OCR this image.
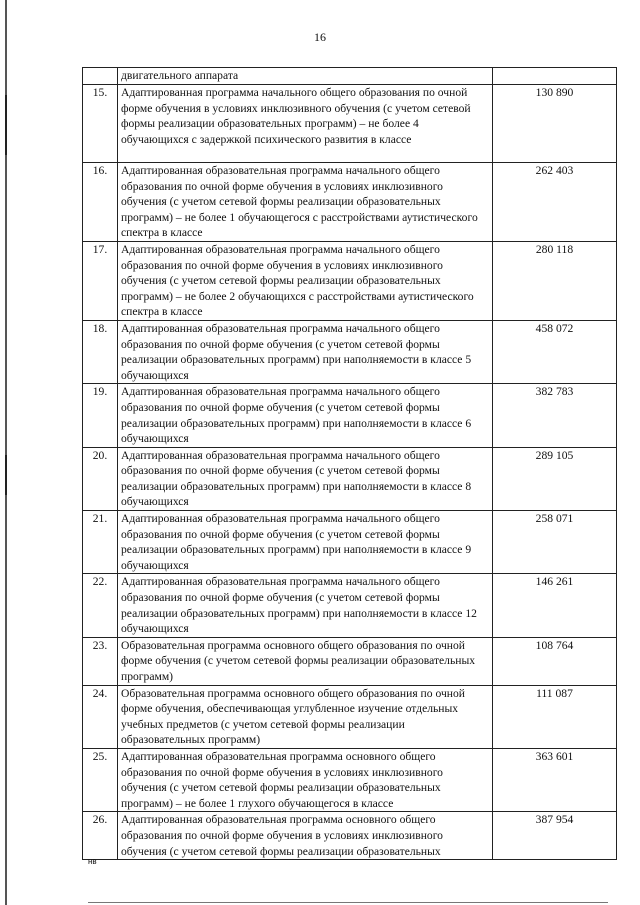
16
	двигательного аппарата	
15.	Адаптированная программа начального общего образования по очной форме обучения в условиях инклюзивного обучения (с учетом сетевой формы реализации образовательных программ) – не более 4 обучающихся с задержкой психического развития в классе	130 890
16.	Адаптированная образовательная программа начального общего образования по очной форме обучения в условиях инклюзивного обучения (с учетом сетевой формы реализации образовательных программ) – не более 1 обучающегося с расстройствами аутистического спектра в классе	262 403
17.	Адаптированная образовательная программа начального общего образования по очной форме обучения в условиях инклюзивного обучения (с учетом сетевой формы реализации образовательных программ) – не более 2 обучающихся с расстройствами аутистического спектра в классе	280 118
18.	Адаптированная образовательная программа начального общего образования по очной форме обучения (с учетом сетевой формы реализации образовательных программ) при наполняемости в классе 5 обучающихся	458 072
19.	Адаптированная образовательная программа начального общего образования по очной форме обучения (с учетом сетевой формы реализации образовательных программ) при наполняемости в классе 6 обучающихся	382 783
20.	Адаптированная образовательная программа начального общего образования по очной форме обучения (с учетом сетевой формы реализации образовательных программ) при наполняемости в классе 8 обучающихся	289 105
21.	Адаптированная образовательная программа начального общего образования по очной форме обучения (с учетом сетевой формы реализации образовательных программ) при наполняемости в классе 9 обучающихся	258 071
22.	Адаптированная образовательная программа начального общего образования по очной форме обучения (с учетом сетевой формы реализации образовательных программ) при наполняемости в классе 12 обучающихся	146 261
23.	Образовательная программа основного общего образования по очной форме обучения (с учетом сетевой формы реализации образовательных программ)	108 764
24.	Образовательная программа основного общего образования по очной форме обучения, обеспечивающая углубленное изучение отдельных учебных предметов (с учетом сетевой формы реализации образовательных программ)	111 087
25.	Адаптированная образовательная программа основного общего образования по очной форме обучения в условиях инклюзивного обучения (с учетом сетевой формы реализации образовательных программ) – не более 1 глухого обучающегося в классе	363 601
26.	Адаптированная образовательная программа основного общего образования по очной форме обучения в условиях инклюзивного обучения (с учетом сетевой формы реализации образовательных	387 954
нв
